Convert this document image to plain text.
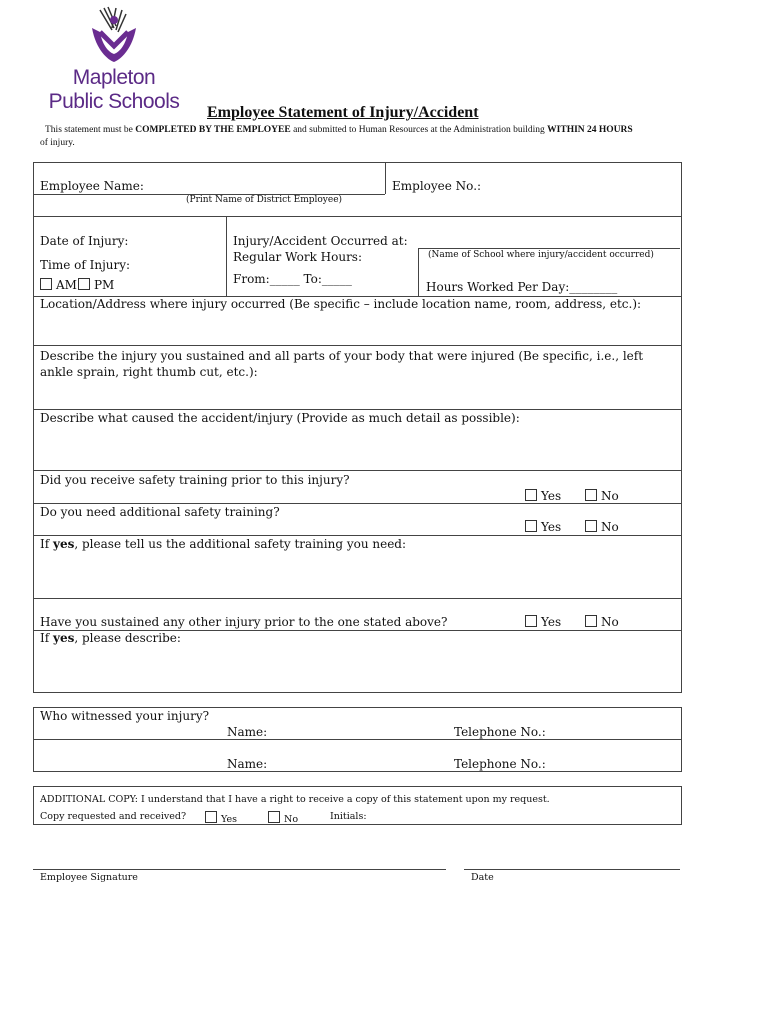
Mapleton
Public Schools Employee Statement of Injury/Accident
This statement must be COMPLETED BY THE EMPLOYEE and submitted to Human Resources at the Administration building WITHIN 24 HOURS
of injury.
Employee Name:
(Print Name of District Employee)
Employee No.:
Date of Injury:
Time of Injury:
AM PM
Injury/Accident Occurred at:
(Name of School where injury/accident occurred)
Regular Work Hours:
From:_____ To:_____
Hours Worked Per Day:________
Location/Address where injury occurred (Be specific – include location name, room, address, etc.):
Describe the injury you sustained and all parts of your body that were injured (Be specific, i.e., left ankle sprain, right thumb cut, etc.):
Describe what caused the accident/injury (Provide as much detail as possible):
Did you receive safety training prior to this injury?
Yes	No
Do you need additional safety training?
Yes	No
If yes, please tell us the additional safety training you need:
Have you sustained any other injury prior to the one stated above?	Yes	No
If yes, please describe:
Who witnessed your injury?
Name:	Telephone No.:
Name:	Telephone No.:
ADDITIONAL COPY: I understand that I have a right to receive a copy of this statement upon my request.
Copy requested and received?	Yes	No	Initials:
Employee Signature	Date
